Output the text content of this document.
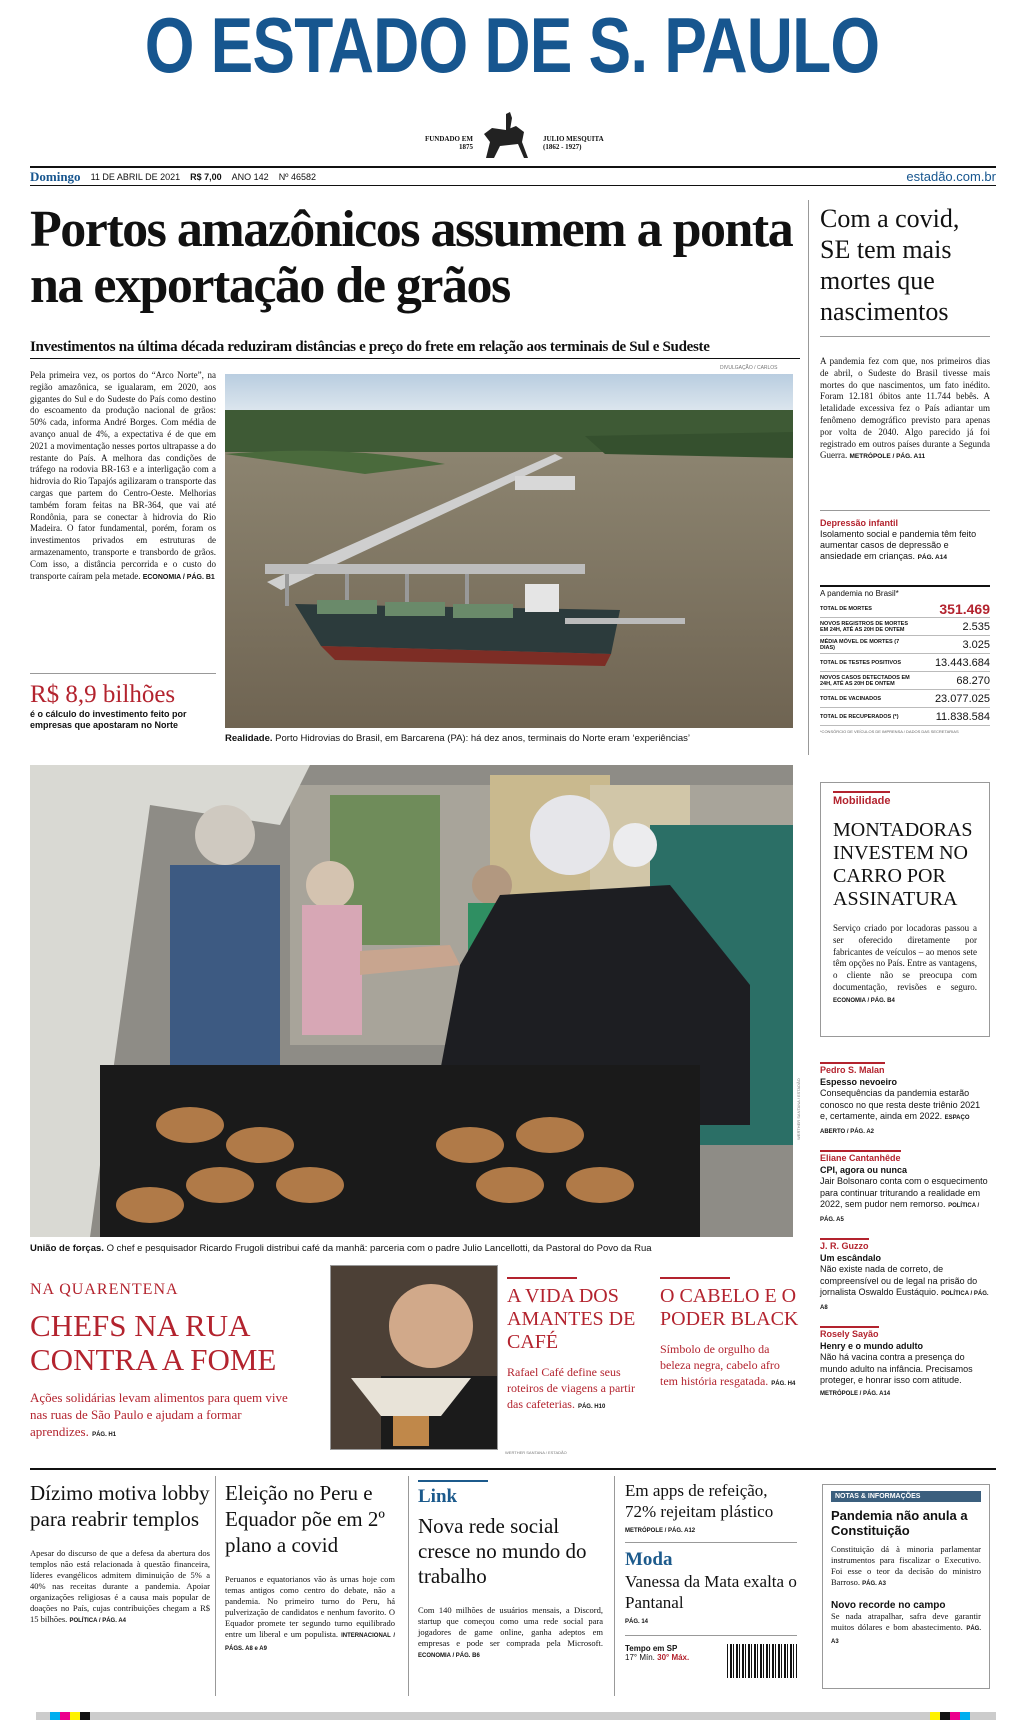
O ESTADO DE S. PAULO
FUNDADO EM
1875
JULIO MESQUITA
(1862 - 1927)
Domingo 11 DE ABRIL DE 2021 R$ 7,00 ANO 142 Nº 46582	estadão.com.br
Portos amazônicos assumem a ponta na exportação de grãos
Investimentos na última década reduziram distâncias e preço do frete em relação aos terminais de Sul e Sudeste
Pela primeira vez, os portos do “Arco Norte”, na região amazônica, se igualaram, em 2020, aos gigantes do Sul e do Sudeste do País como destino do escoamento da produção nacional de grãos: 50% cada, informa André Borges. Com média de avanço anual de 4%, a expectativa é de que em 2021 a movimentação nesses portos ultrapasse a do restante do País. A melhora das condições de tráfego na rodovia BR-163 e a interligação com a hidrovia do Rio Tapajós agilizaram o transporte das cargas que partem do Centro-Oeste. Melhorias também foram feitas na BR-364, que vai até Rondônia, para se conectar à hidrovia do Rio Madeira. O fator fundamental, porém, foram os investimentos privados em estruturas de armazenamento, transporte e transbordo de grãos. Com isso, a distância percorrida e o custo do transporte caíram pela metade. ECONOMIA / PÁG. B1
R$ 8,9 bilhões
é o cálculo do investimento feito por empresas que apostaram no Norte
DIVULGAÇÃO / CARLOS
Realidade. Porto Hidrovias do Brasil, em Barcarena (PA): há dez anos, terminais do Norte eram ‘experiências’
Com a covid, SE tem mais mortes que nascimentos
A pandemia fez com que, nos primeiros dias de abril, o Sudeste do Brasil tivesse mais mortes do que nascimentos, um fato inédito. Foram 12.181 óbitos ante 11.744 bebês. A letalidade excessiva fez o País adiantar um fenômeno demográfico previsto para apenas por volta de 2040. Algo parecido já foi registrado em outros países durante a Segunda Guerra. METRÓPOLE / PÁG. A11
Depressão infantil
Isolamento social e pandemia têm feito aumentar casos de depressão e ansiedade em crianças. PÁG. A14
A pandemia no Brasil*
TOTAL DE MORTES	351.469
NOVOS REGISTROS DE MORTES EM 24H, ATÉ AS 20H DE ONTEM	2.535
MÉDIA MÓVEL DE MORTES (7 DIAS)	3.025
TOTAL DE TESTES POSITIVOS	13.443.684
NOVOS CASOS DETECTADOS EM 24H, ATÉ AS 20H DE ONTEM	68.270
TOTAL DE VACINADOS	23.077.025
TOTAL DE RECUPERADOS (*)	11.838.584
*CONSÓRCIO DE VEÍCULOS DE IMPRENSA / DADOS DAS SECRETARIAS
WERTHER SANTANA / ESTADÃO
União de forças. O chef e pesquisador Ricardo Frugoli distribui café da manhã: parceria com o padre Julio Lancellotti, da Pastoral do Povo da Rua
Mobilidade
MONTADORAS INVESTEM NO CARRO POR ASSINATURA
Serviço criado por locadoras passou a ser oferecido diretamente por fabricantes de veículos – ao menos sete têm opções no País. Entre as vantagens, o cliente não se preocupa com documentação, revisões e seguro. ECONOMIA / PÁG. B4
Pedro S. Malan
Espesso nevoeiro
Consequências da pandemia estarão conosco no que resta deste triênio 2021 e, certamente, ainda em 2022. ESPAÇO ABERTO / PÁG. A2
Eliane Cantanhêde
CPI, agora ou nunca
Jair Bolsonaro conta com o esquecimento para continuar triturando a realidade em 2022, sem pudor nem remorso. POLÍTICA / PÁG. A5
J. R. Guzzo
Um escândalo
Não existe nada de correto, de compreensível ou de legal na prisão do jornalista Oswaldo Eustáquio. POLÍTICA / PÁG. A8
Rosely Sayão
Henry e o mundo adulto
Não há vacina contra a presença do mundo adulto na infância. Precisamos proteger, e honrar isso com atitude. METRÓPOLE / PÁG. A14
NA QUARENTENA
CHEFS NA RUA CONTRA A FOME
Ações solidárias levam alimentos para quem vive nas ruas de São Paulo e ajudam a formar aprendizes. PÁG. H1
WERTHER SANTANA / ESTADÃO
A VIDA DOS AMANTES DE CAFÉ
Rafael Café define seus roteiros de viagens a partir das cafeterias. PÁG. H10
O CABELO E O PODER BLACK
Símbolo de orgulho da beleza negra, cabelo afro tem história resgatada. PÁG. H4
Dízimo motiva lobby para reabrir templos
Apesar do discurso de que a defesa da abertura dos templos não está relacionada à questão financeira, líderes evangélicos admitem diminuição de 5% a 40% nas receitas durante a pandemia. Apoiar organizações religiosas é a causa mais popular de doações no País, cujas contribuições chegam a R$ 15 bilhões. POLÍTICA / PÁG. A4
Eleição no Peru e Equador põe em 2º plano a covid
Peruanos e equatorianos vão às urnas hoje com temas antigos como centro do debate, não a pandemia. No primeiro turno do Peru, há pulverização de candidatos e nenhum favorito. O Equador promete ter segundo turno equilibrado entre um liberal e um populista. INTERNACIONAL / PÁGS. A8 e A9
Link
Nova rede social cresce no mundo do trabalho
Com 140 milhões de usuários mensais, a Discord, startup que começou como uma rede social para jogadores de game online, ganha adeptos em empresas e pode ser comprada pela Microsoft. ECONOMIA / PÁG. B6
Em apps de refeição, 72% rejeitam plástico
METRÓPOLE / PÁG. A12
Moda
Vanessa da Mata exalta o Pantanal
PÁG. 14
Tempo em SP
17° Mín. 30° Máx.
NOTAS & INFORMAÇÕES
Pandemia não anula a Constituição
Constituição dá à minoria parlamentar instrumentos para fiscalizar o Executivo. Foi esse o teor da decisão do ministro Barroso. PÁG. A3
Novo recorde no campo
Se nada atrapalhar, safra deve garantir muitos dólares e bom abastecimento. PÁG. A3
